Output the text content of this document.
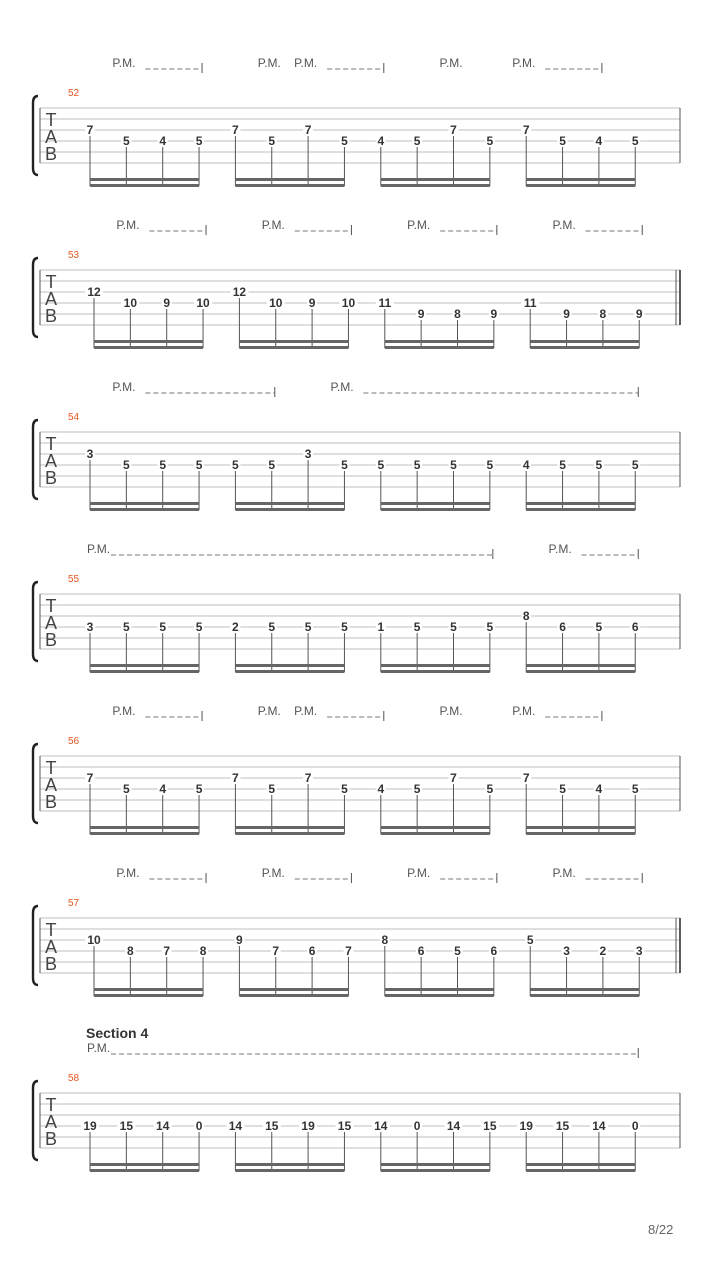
T
A
B
52
7
5 4 5
7
5
7
5 4 5
7
5
7
5 4 5
P.M.	P.M. P.M.	P.M.	P.M.
T
A
B
53
12
10 9 10
12
10 9 10 11
9 8 9
11
9 8 9
P.M.	P.M.	P.M.	P.M.
T
A
B
54
3
5 5 5 5 5
3
5 5 5 5 5 4 5 5 5
P.M.	P.M.
T
A
B
55
3 5 5 5 2 5 5 5 1 5 5 5
8
6 5 6
P.M.	P.M.
T
A
B
56
7
5 4 5
7
5
7
5 4 5
7
5
7
5 4 5
P.M.	P.M. P.M.	P.M.	P.M.
T
A
B
57
10
8 7 8
9
7 6 7
8
6 5 6
5
3 2 3
P.M.	P.M.	P.M.	P.M.
T
A
B
58
19 15 14 0 14 15 19 15 14 0 14 15 19 15 14 0
P.M.
Section 4
8/22
